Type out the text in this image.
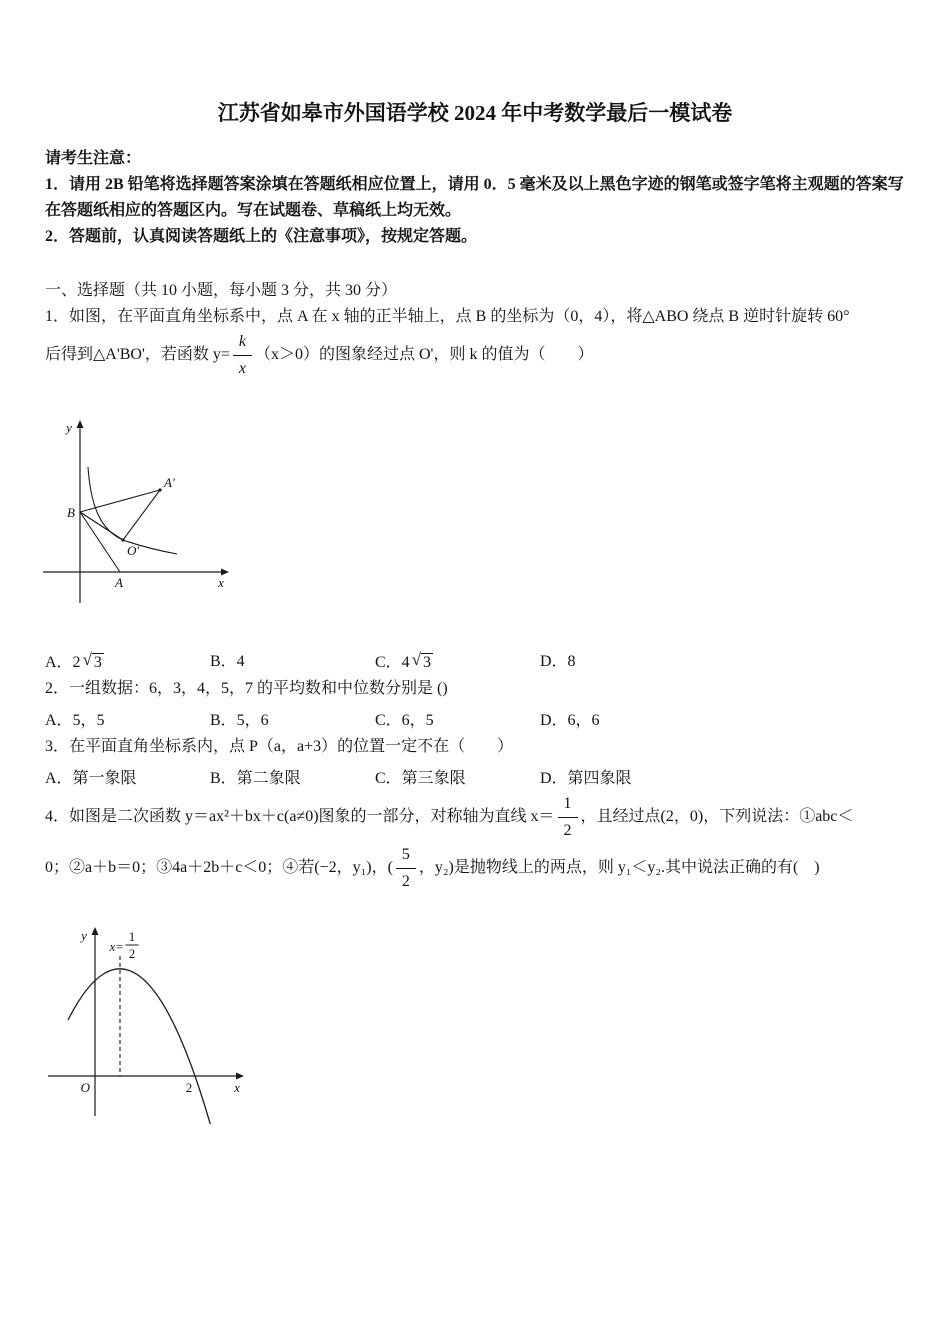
江苏省如皋市外国语学校 2024 年中考数学最后一模试卷

请考生注意：

1．请用 2B 铅笔将选择题答案涂填在答题纸相应位置上，请用 0．5 毫米及以上黑色字迹的钢笔或签字笔将主观题的答案写在答题纸相应的答题区内。写在试题卷、草稿纸上均无效。

2．答题前，认真阅读答题纸上的《注意事项》，按规定答题。

一、选择题（共 10 小题，每小题 3 分，共 30 分）

1．如图，在平面直角坐标系中，点 A 在 x 轴的正半轴上，点 B 的坐标为（0，4），将△ABO 绕点 B 逆时针旋转 60°

后得到△A'BO'，若函数 $y= \frac{k}{x} (x>0)$的图象经过点 O'，则 k 的值为（　　）

y
x
B
A′
O′
A
A．2 √ 3	B．4	C．4 √ 3	D．8

2．一组数据：6，3，4，5，7 的平均数和中位数分别是 ()

A．5，5	B．5，6	C．6，5	D．6，6

3．在平面直角坐标系内，点 P（a，a+3）的位置一定不在（　　）

A．第一象限	B．第二象限	C．第三象限	D．第四象限

4．如图是二次函数 y＝ax²＋bx＋c(a≠0)图象的一部分，对称轴为直线 $x= \frac{1}{2}$ ，且经过点(2，0)，下列说法：①abc＜

0；②a＋b＝0；③4a＋2b＋c＜0；④若(−2，y₁)，( $\frac{5}{2}$ ，y₂)是抛物线上的两点，则 y₁＜y₂.其中说法正确的有(　)

y
x
O	2
x=
1
2
